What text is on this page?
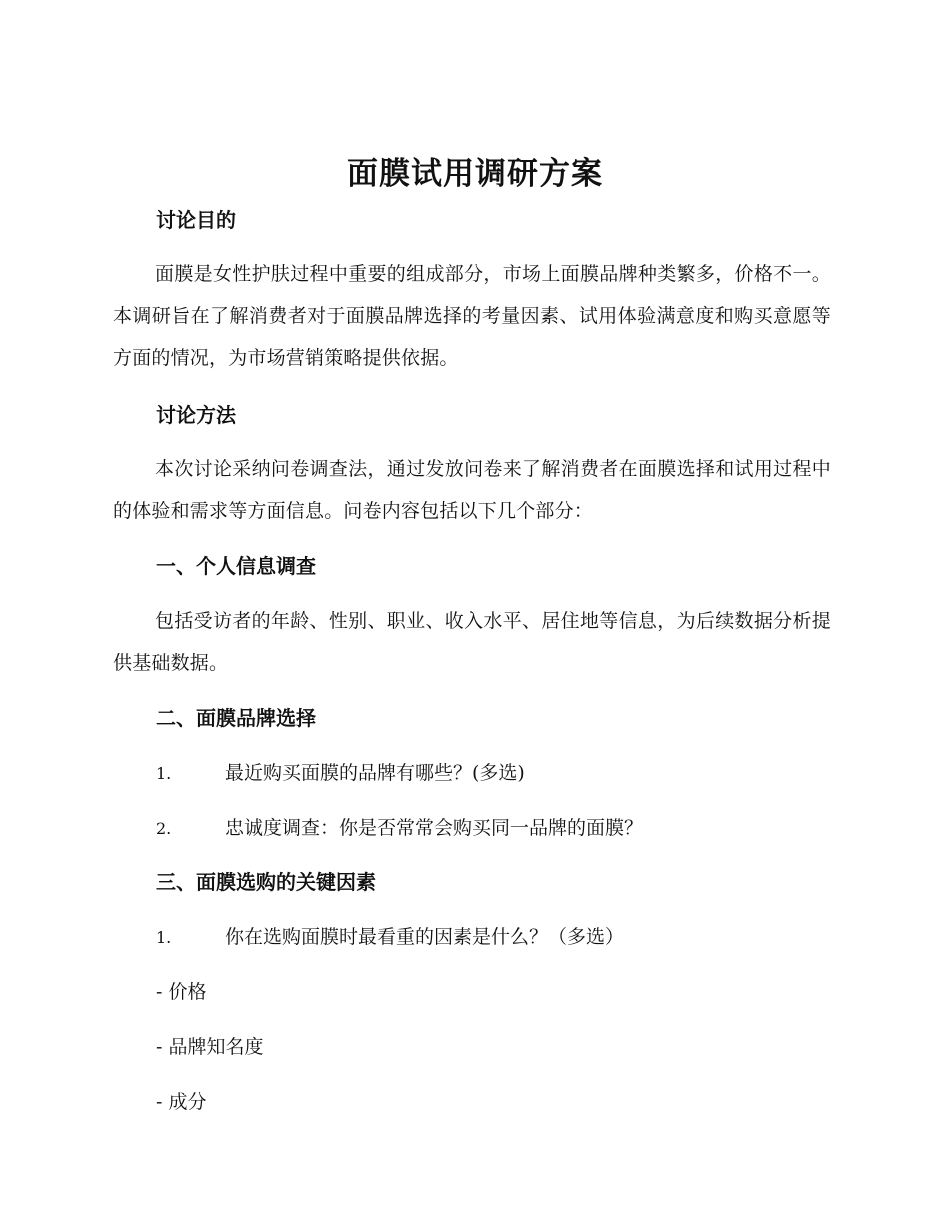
面膜试用调研方案
讨论目的
面膜是女性护肤过程中重要的组成部分，市场上面膜品牌种类繁多，价格不一。本调研旨在了解消费者对于面膜品牌选择的考量因素、试用体验满意度和购买意愿等方面的情况，为市场营销策略提供依据。
讨论方法
本次讨论采纳问卷调查法，通过发放问卷来了解消费者在面膜选择和试用过程中的体验和需求等方面信息。问卷内容包括以下几个部分：
一、个人信息调查
包括受访者的年龄、性别、职业、收入水平、居住地等信息，为后续数据分析提供基础数据。
二、面膜品牌选择
1.	最近购买面膜的品牌有哪些？(多选)
2.	忠诚度调查：你是否常常会购买同一品牌的面膜？
三、面膜选购的关键因素
1.	你在选购面膜时最看重的因素是什么？（多选）
- 价格
- 品牌知名度
- 成分
